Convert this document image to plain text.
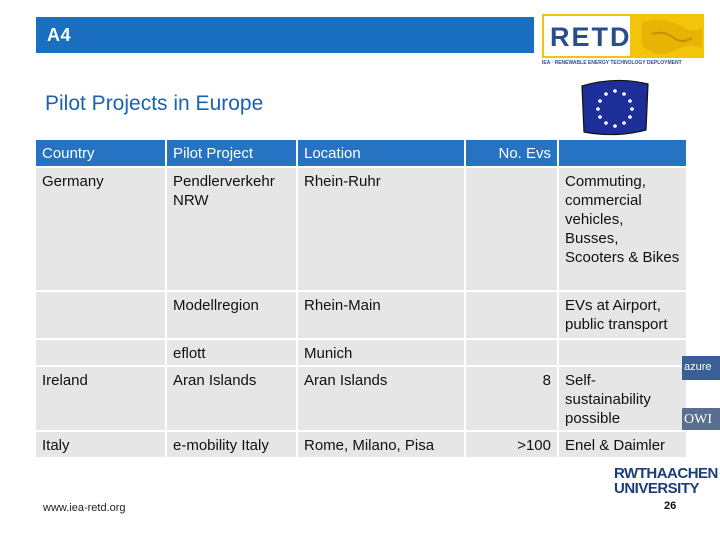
A4	RETD
IEA · RENEWABLE ENERGY TECHNOLOGY DEPLOYMENT
Pilot Projects in Europe
Country	Pilot Project	Location	No. Evs	
Germany	Pendlerverkehr NRW	Rhein-Ruhr		Commuting, commercial vehicles, Busses, Scooters & Bikes
	Modellregion	Rhein-Main		EVs at Airport, public transport
	eflott	Munich		
Ireland	Aran Islands	Aran Islands	8	Self-sustainability possible
Italy	e-mobility Italy	Rome, Milano, Pisa	>100	Enel & Daimler
azure
OWI
RWTHAACHEN
UNIVERSITY
www.iea-retd.org	26
